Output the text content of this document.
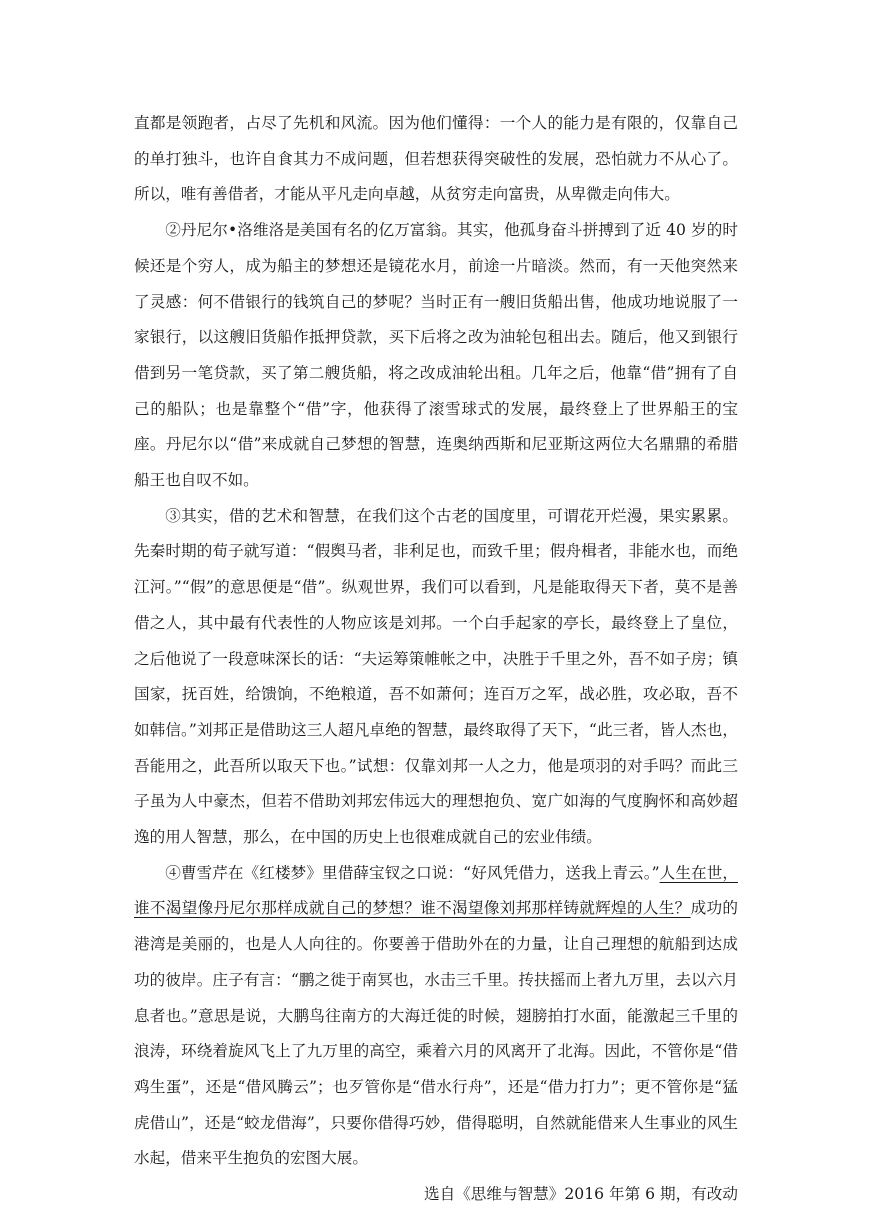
直都是领跑者，占尽了先机和风流。因为他们懂得：一个人的能力是有限的，仅靠自己的单打独斗，也许自食其力不成问题，但若想获得突破性的发展，恐怕就力不从心了。所以，唯有善借者，才能从平凡走向卓越，从贫穷走向富贵，从卑微走向伟大。

②丹尼尔•洛维洛是美国有名的亿万富翁。其实，他孤身奋斗拼搏到了近 40 岁的时候还是个穷人，成为船主的梦想还是镜花水月，前途一片暗淡。然而，有一天他突然来了灵感：何不借银行的钱筑自己的梦呢？当时正有一艘旧货船出售，他成功地说服了一家银行，以这艘旧货船作抵押贷款，买下后将之改为油轮包租出去。随后，他又到银行借到另一笔贷款，买了第二艘货船，将之改成油轮出租。几年之后，他靠“借”拥有了自己的船队；也是靠整个“借”字，他获得了滚雪球式的发展，最终登上了世界船王的宝座。丹尼尔以“借”来成就自己梦想的智慧，连奥纳西斯和尼亚斯这两位大名鼎鼎的希腊船王也自叹不如。

③其实，借的艺术和智慧，在我们这个古老的国度里，可谓花开烂漫，果实累累。先秦时期的荀子就写道：“假舆马者，非利足也，而致千里；假舟楫者，非能水也，而绝江河。”“假”的意思便是“借”。纵观世界，我们可以看到，凡是能取得天下者，莫不是善借之人，其中最有代表性的人物应该是刘邦。一个白手起家的亭长，最终登上了皇位，之后他说了一段意味深长的话：“夫运筹策帷帐之中，决胜于千里之外，吾不如子房；镇国家，抚百姓，给馈饷，不绝粮道，吾不如萧何；连百万之军，战必胜，攻必取，吾不如韩信。”刘邦正是借助这三人超凡卓绝的智慧，最终取得了天下，“此三者，皆人杰也，吾能用之，此吾所以取天下也。”试想：仅靠刘邦一人之力，他是项羽的对手吗？而此三子虽为人中豪杰，但若不借助刘邦宏伟远大的理想抱负、宽广如海的气度胸怀和高妙超逸的用人智慧，那么，在中国的历史上也很难成就自己的宏业伟绩。

④曹雪芹在《红楼梦》里借薛宝钗之口说：“好风凭借力，送我上青云。”人生在世，谁不渴望像丹尼尔那样成就自己的梦想？谁不渴望像刘邦那样铸就辉煌的人生？成功的港湾是美丽的，也是人人向往的。你要善于借助外在的力量，让自己理想的航船到达成功的彼岸。庄子有言：“鹏之徙于南冥也，水击三千里。抟扶摇而上者九万里，去以六月息者也。”意思是说，大鹏鸟往南方的大海迁徙的时候，翅膀拍打水面，能激起三千里的浪涛，环绕着旋风飞上了九万里的高空，乘着六月的风离开了北海。因此，不管你是“借鸡生蛋”，还是“借风腾云”；也歹管你是“借水行舟”，还是“借力打力”；更不管你是“猛虎借山”，还是“蛟龙借海”，只要你借得巧妙，借得聪明，自然就能借来人生事业的风生水起，借来平生抱负的宏图大展。

选自《思维与智慧》2016 年第 6 期，有改动
